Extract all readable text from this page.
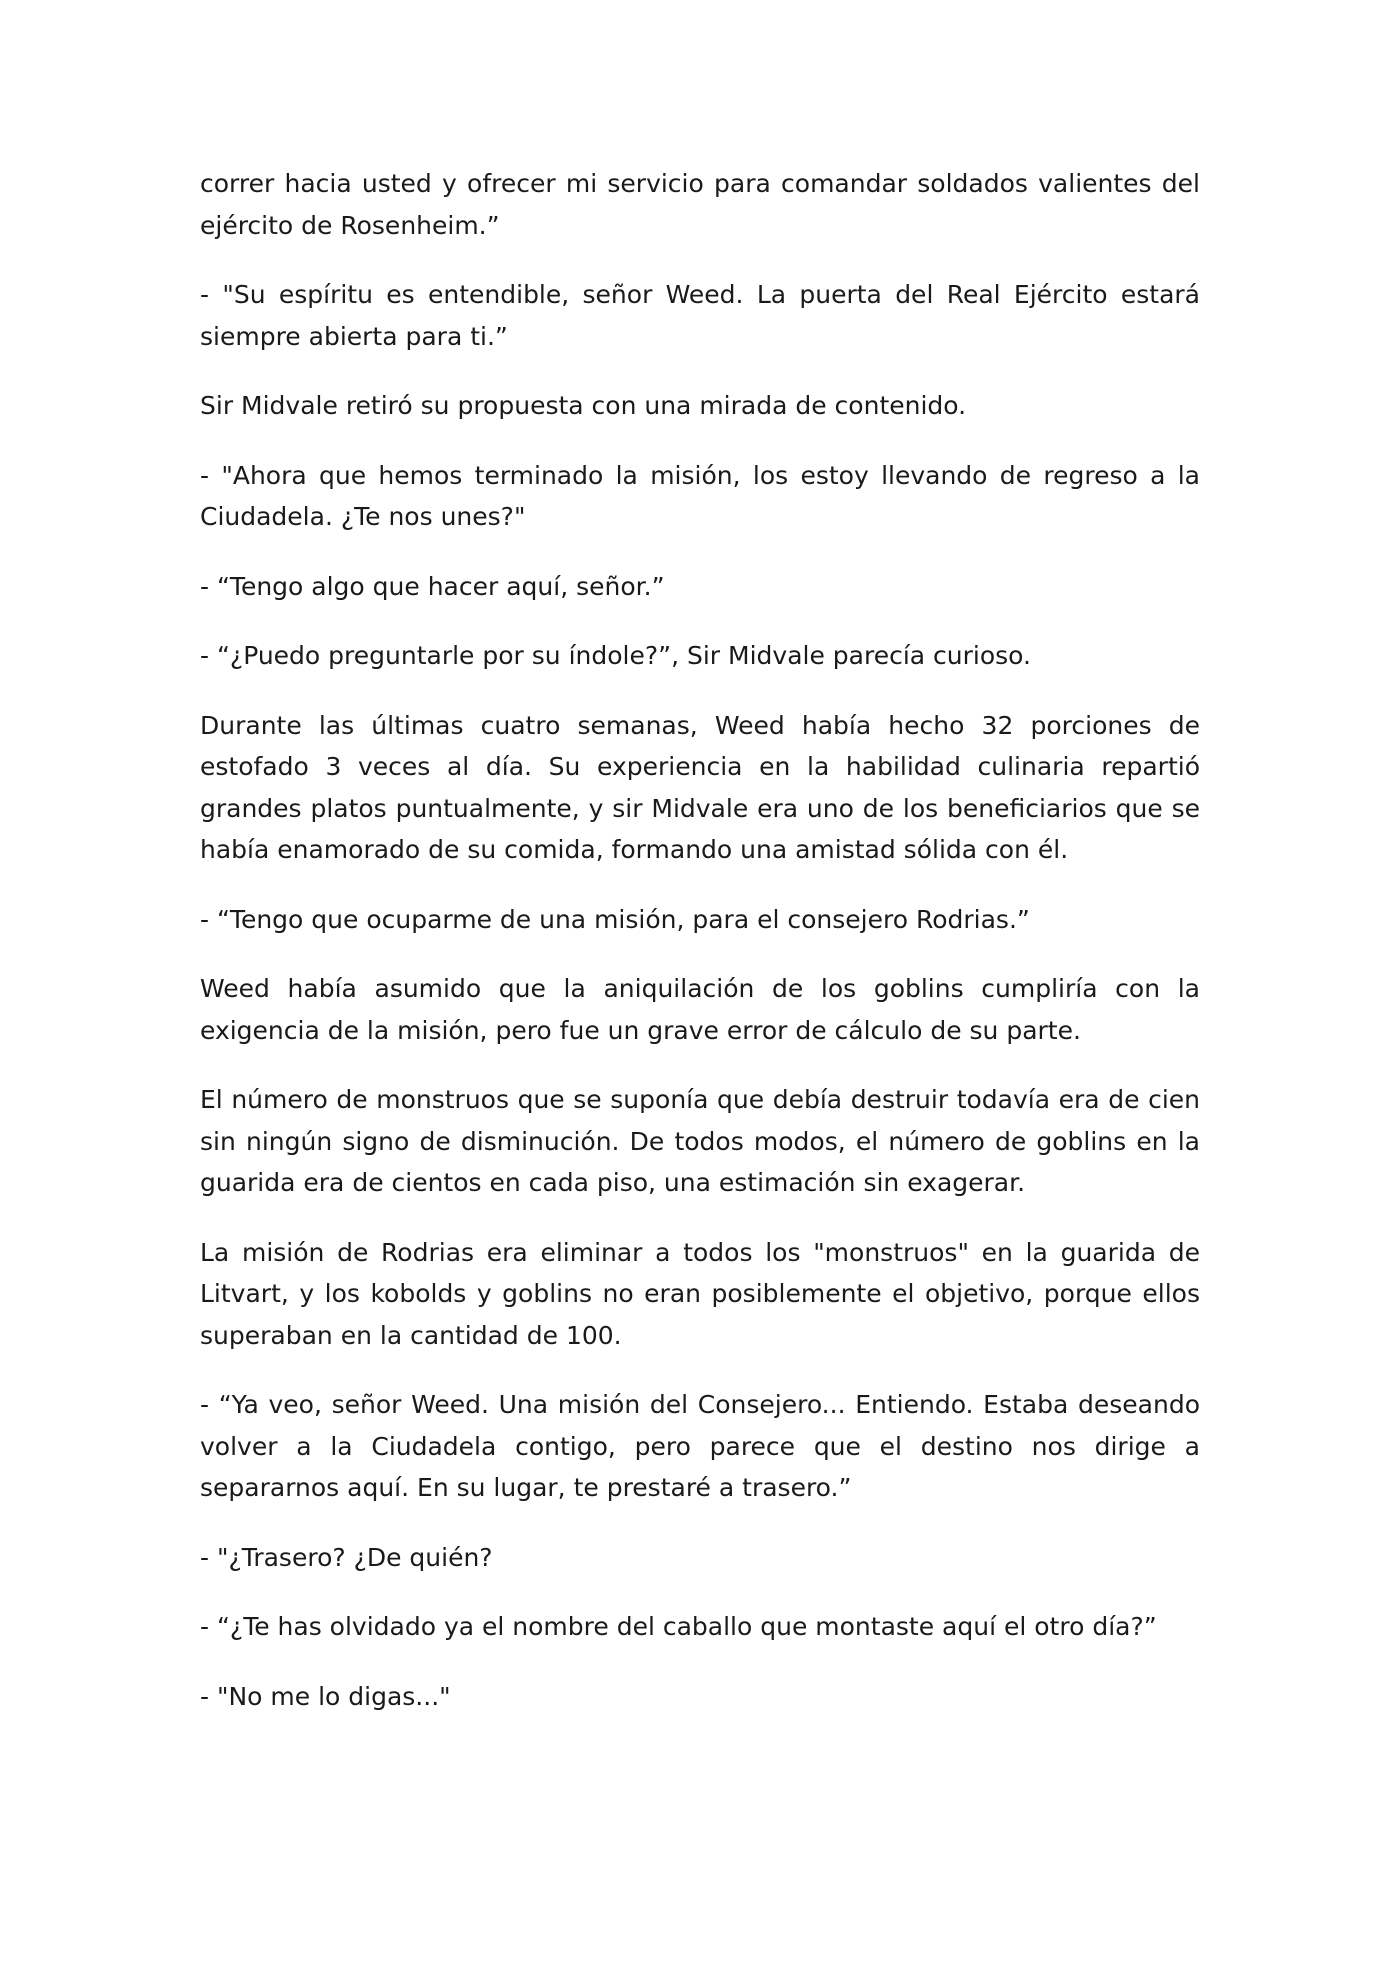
correr hacia usted y ofrecer mi servicio para comandar soldados valientes del ejército de Rosenheim.”

- "Su espíritu es entendible, señor Weed. La puerta del Real Ejército estará siempre abierta para ti.”

Sir Midvale retiró su propuesta con una mirada de contenido.

- "Ahora que hemos terminado la misión, los estoy llevando de regreso a la Ciudadela. ¿Te nos unes?"

- “Tengo algo que hacer aquí, señor.”

- “¿Puedo preguntarle por su índole?”, Sir Midvale parecía curioso.

Durante las últimas cuatro semanas, Weed había hecho 32 porciones de estofado 3 veces al día. Su experiencia en la habilidad culinaria repartió grandes platos puntualmente, y sir Midvale era uno de los beneficiarios que se había enamorado de su comida, formando una amistad sólida con él.

- “Tengo que ocuparme de una misión, para el consejero Rodrias.”

Weed había asumido que la aniquilación de los goblins cumpliría con la exigencia de la misión, pero fue un grave error de cálculo de su parte.

El número de monstruos que se suponía que debía destruir todavía era de cien sin ningún signo de disminución. De todos modos, el número de goblins en la guarida era de cientos en cada piso, una estimación sin exagerar.

La misión de Rodrias era eliminar a todos los "monstruos" en la guarida de Litvart, y los kobolds y goblins no eran posiblemente el objetivo, porque ellos superaban en la cantidad de 100.

- “Ya veo, señor Weed. Una misión del Consejero... Entiendo. Estaba deseando volver a la Ciudadela contigo, pero parece que el destino nos dirige a separarnos aquí. En su lugar, te prestaré a trasero.”

- "¿Trasero? ¿De quién?

- “¿Te has olvidado ya el nombre del caballo que montaste aquí el otro día?”

- "No me lo digas..."
